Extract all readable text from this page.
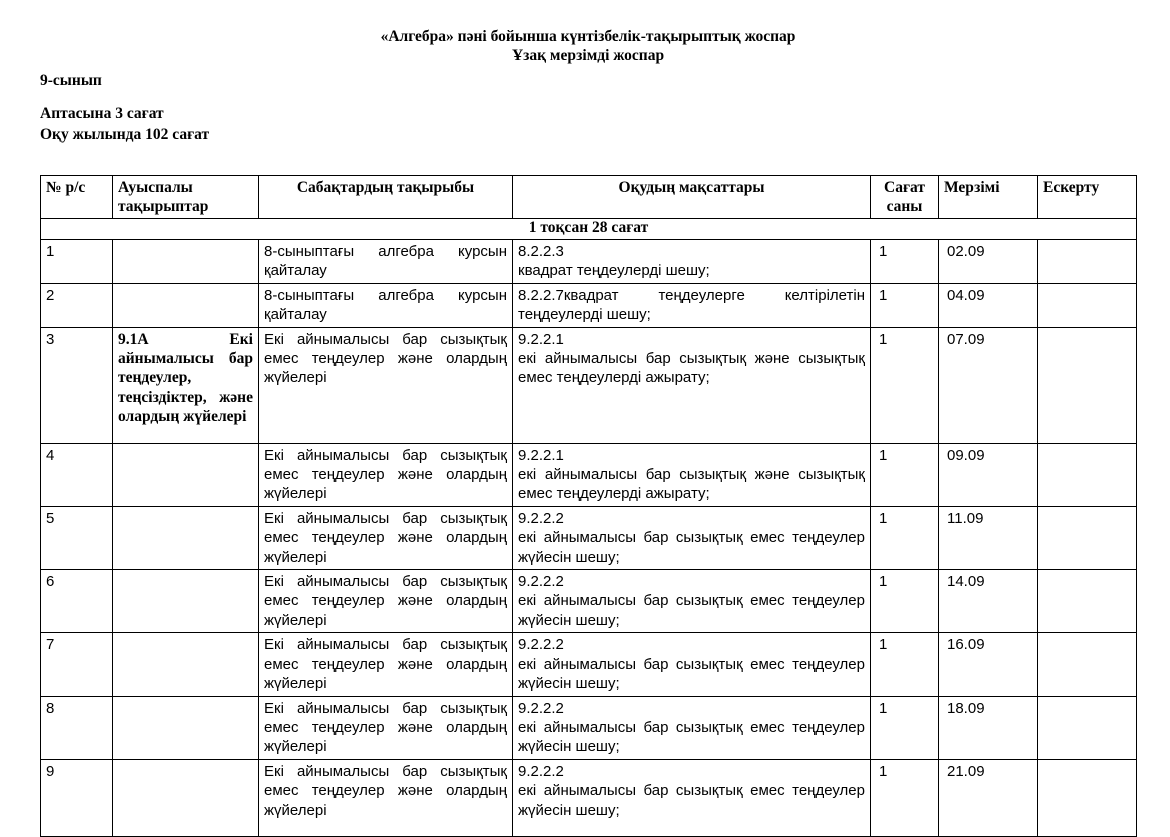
«Алгебра» пәні бойынша күнтізбелік-тақырыптық жоспар
Ұзақ мерзімді жоспар
9-сынып
Аптасына 3 сағат
Оқу жылында 102 сағат
№ р/с	Ауыспалы тақырыптар	Сабақтардың тақырыбы	Оқудың мақсаттары	Сағат саны	Мерзімі	Ескерту
1 тоқсан 28 сағат						
1		8-сыныптағы алгебра курсын қайталау	8.2.2.3
квадрат теңдеулерді шешу;	1	02.09	
2		8-сыныптағы алгебра курсын қайталау	8.2.2.7квадрат теңдеулерге келтірілетін теңдеулерді шешу;	1	04.09	
3	9.1A Екі айнымалысы бар теңдеулер, теңсіздіктер, және олардың жүйелері	Екі айнымалысы бар сызықтық емес теңдеулер және олардың жүйелері	9.2.2.1
екі айнымалысы бар сызықтық және сызықтық емес теңдеулерді ажырату;	1	07.09	
4		Екі айнымалысы бар сызықтық емес теңдеулер және олардың жүйелері	9.2.2.1
екі айнымалысы бар сызықтық және сызықтық емес теңдеулерді ажырату;	1	09.09	
5		Екі айнымалысы бар сызықтық емес теңдеулер және олардың жүйелері	9.2.2.2
екі айнымалысы бар сызықтық емес теңдеулер жүйесін шешу;	1	11.09	
6		Екі айнымалысы бар сызықтық емес теңдеулер және олардың жүйелері	9.2.2.2
екі айнымалысы бар сызықтық емес теңдеулер жүйесін шешу;	1	14.09	
7		Екі айнымалысы бар сызықтық емес теңдеулер және олардың жүйелері	9.2.2.2
екі айнымалысы бар сызықтық емес теңдеулер жүйесін шешу;	1	16.09	
8		Екі айнымалысы бар сызықтық емес теңдеулер және олардың жүйелері	9.2.2.2
екі айнымалысы бар сызықтық емес теңдеулер жүйесін шешу;	1	18.09	
9		Екі айнымалысы бар сызықтық емес теңдеулер және олардың жүйелері	9.2.2.2
екі айнымалысы бар сызықтық емес теңдеулер жүйесін шешу;	1	21.09	
